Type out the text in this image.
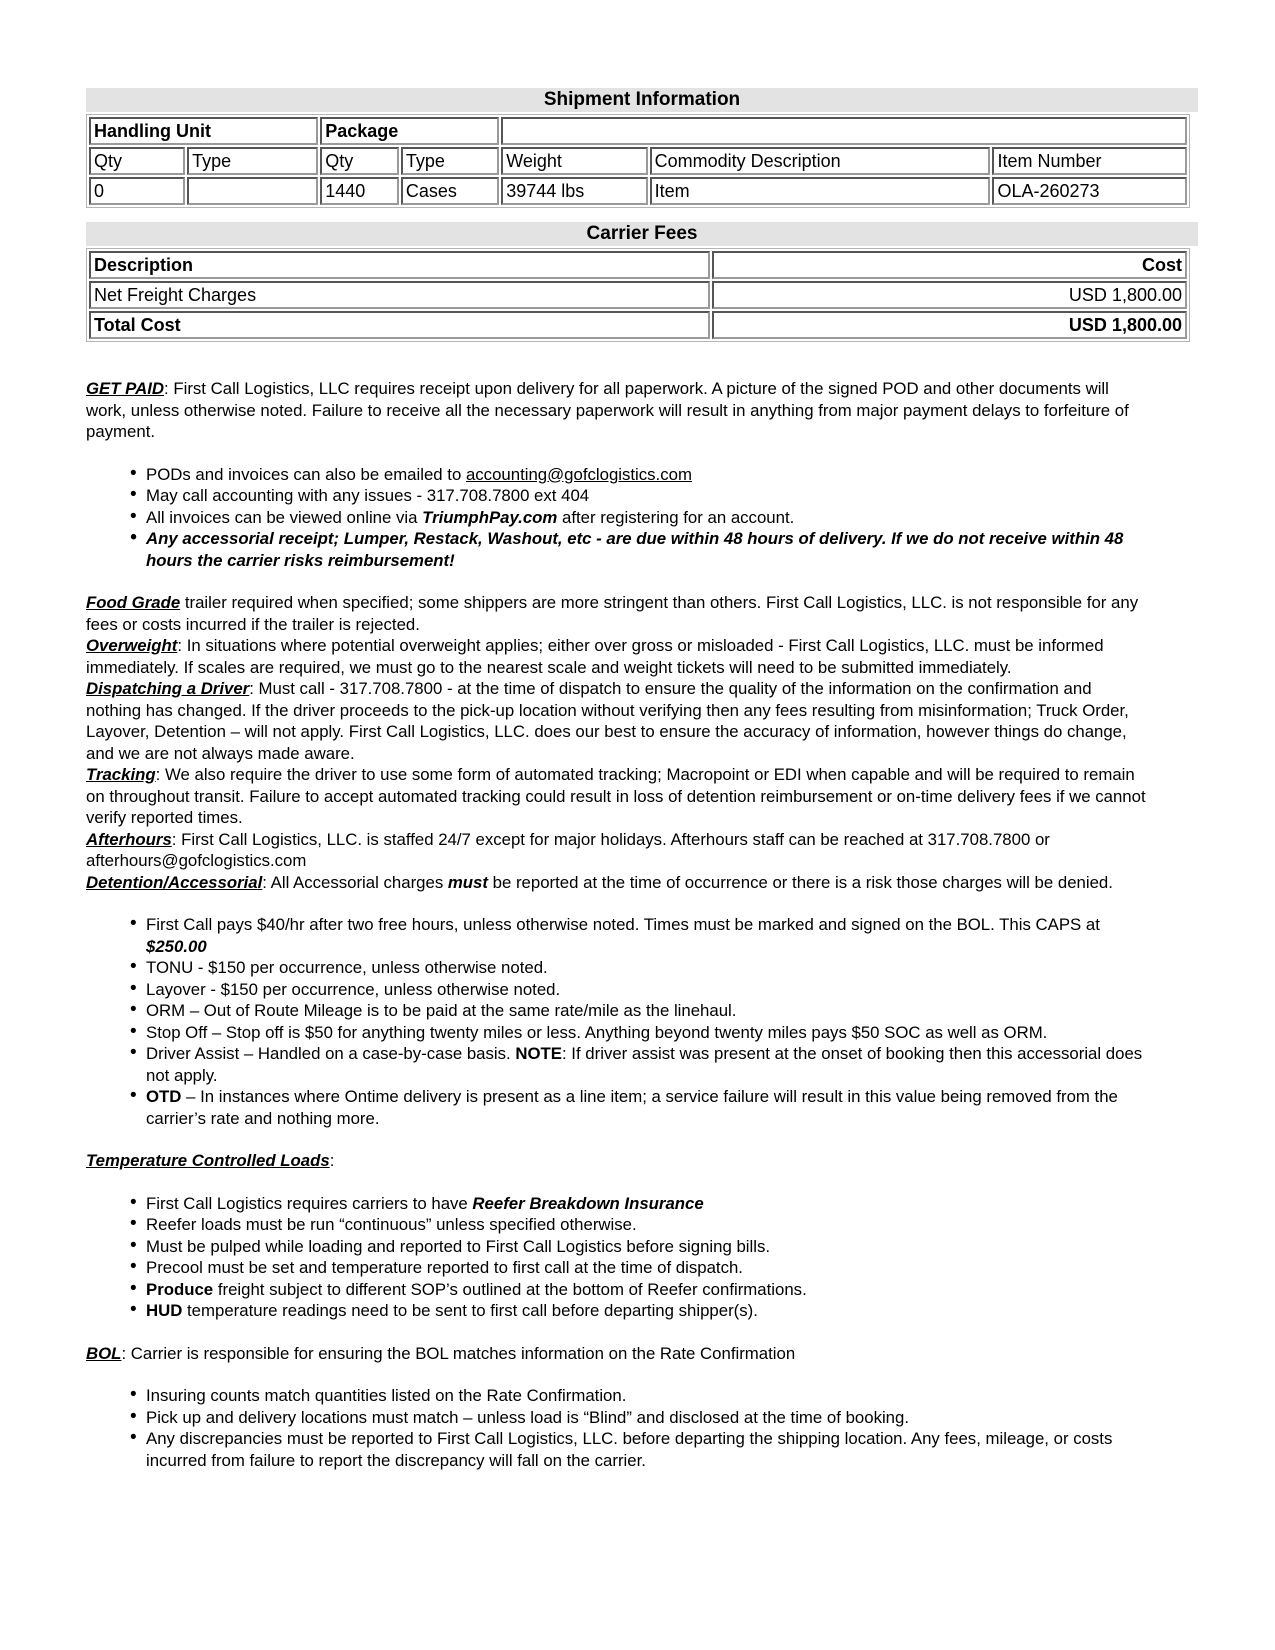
Shipment Information
Handling Unit		Package				
Qty	Type	Qty	Type	Weight	Commodity Description	Item Number
0		1440	Cases	39744 lbs	Item	OLA-260273
Carrier Fees
Description	Cost
Net Freight Charges	USD 1,800.00
Total Cost	USD 1,800.00

GET PAID: First Call Logistics, LLC requires receipt upon delivery for all paperwork. A picture of the signed POD and other documents will work, unless otherwise noted. Failure to receive all the necessary paperwork will result in anything from major payment delays to forfeiture of payment.

• PODs and invoices can also be emailed to accounting@gofclogistics.com
• May call accounting with any issues - 317.708.7800 ext 404
• All invoices can be viewed online via TriumphPay.com after registering for an account.
• Any accessorial receipt; Lumper, Restack, Washout, etc - are due within 48 hours of delivery. If we do not receive within 48 hours the carrier risks reimbursement!

Food Grade trailer required when specified; some shippers are more stringent than others. First Call Logistics, LLC. is not responsible for any fees or costs incurred if the trailer is rejected.

Overweight: In situations where potential overweight applies; either over gross or misloaded - First Call Logistics, LLC. must be informed immediately. If scales are required, we must go to the nearest scale and weight tickets will need to be submitted immediately.

Dispatching a Driver: Must call - 317.708.7800 - at the time of dispatch to ensure the quality of the information on the confirmation and nothing has changed. If the driver proceeds to the pick-up location without verifying then any fees resulting from misinformation; Truck Order, Layover, Detention – will not apply. First Call Logistics, LLC. does our best to ensure the accuracy of information, however things do change, and we are not always made aware.

Tracking: We also require the driver to use some form of automated tracking; Macropoint or EDI when capable and will be required to remain on throughout transit. Failure to accept automated tracking could result in loss of detention reimbursement or on-time delivery fees if we cannot verify reported times.

Afterhours: First Call Logistics, LLC. is staffed 24/7 except for major holidays. Afterhours staff can be reached at 317.708.7800 or afterhours@gofclogistics.com

Detention/Accessorial: All Accessorial charges must be reported at the time of occurrence or there is a risk those charges will be denied.

• First Call pays $40/hr after two free hours, unless otherwise noted. Times must be marked and signed on the BOL. This CAPS at $250.00
• TONU - $150 per occurrence, unless otherwise noted.
• Layover - $150 per occurrence, unless otherwise noted.
• ORM – Out of Route Mileage is to be paid at the same rate/mile as the linehaul.
• Stop Off – Stop off is $50 for anything twenty miles or less. Anything beyond twenty miles pays $50 SOC as well as ORM.
• Driver Assist – Handled on a case-by-case basis. NOTE: If driver assist was present at the onset of booking then this accessorial does not apply.
• OTD – In instances where Ontime delivery is present as a line item; a service failure will result in this value being removed from the carrier’s rate and nothing more.

Temperature Controlled Loads:

• First Call Logistics requires carriers to have Reefer Breakdown Insurance
• Reefer loads must be run “continuous” unless specified otherwise.
• Must be pulped while loading and reported to First Call Logistics before signing bills.
• Precool must be set and temperature reported to first call at the time of dispatch.
• Produce freight subject to different SOP’s outlined at the bottom of Reefer confirmations.
• HUD temperature readings need to be sent to first call before departing shipper(s).

BOL: Carrier is responsible for ensuring the BOL matches information on the Rate Confirmation

• Insuring counts match quantities listed on the Rate Confirmation.
• Pick up and delivery locations must match – unless load is “Blind” and disclosed at the time of booking.
• Any discrepancies must be reported to First Call Logistics, LLC. before departing the shipping location. Any fees, mileage, or costs incurred from failure to report the discrepancy will fall on the carrier.
